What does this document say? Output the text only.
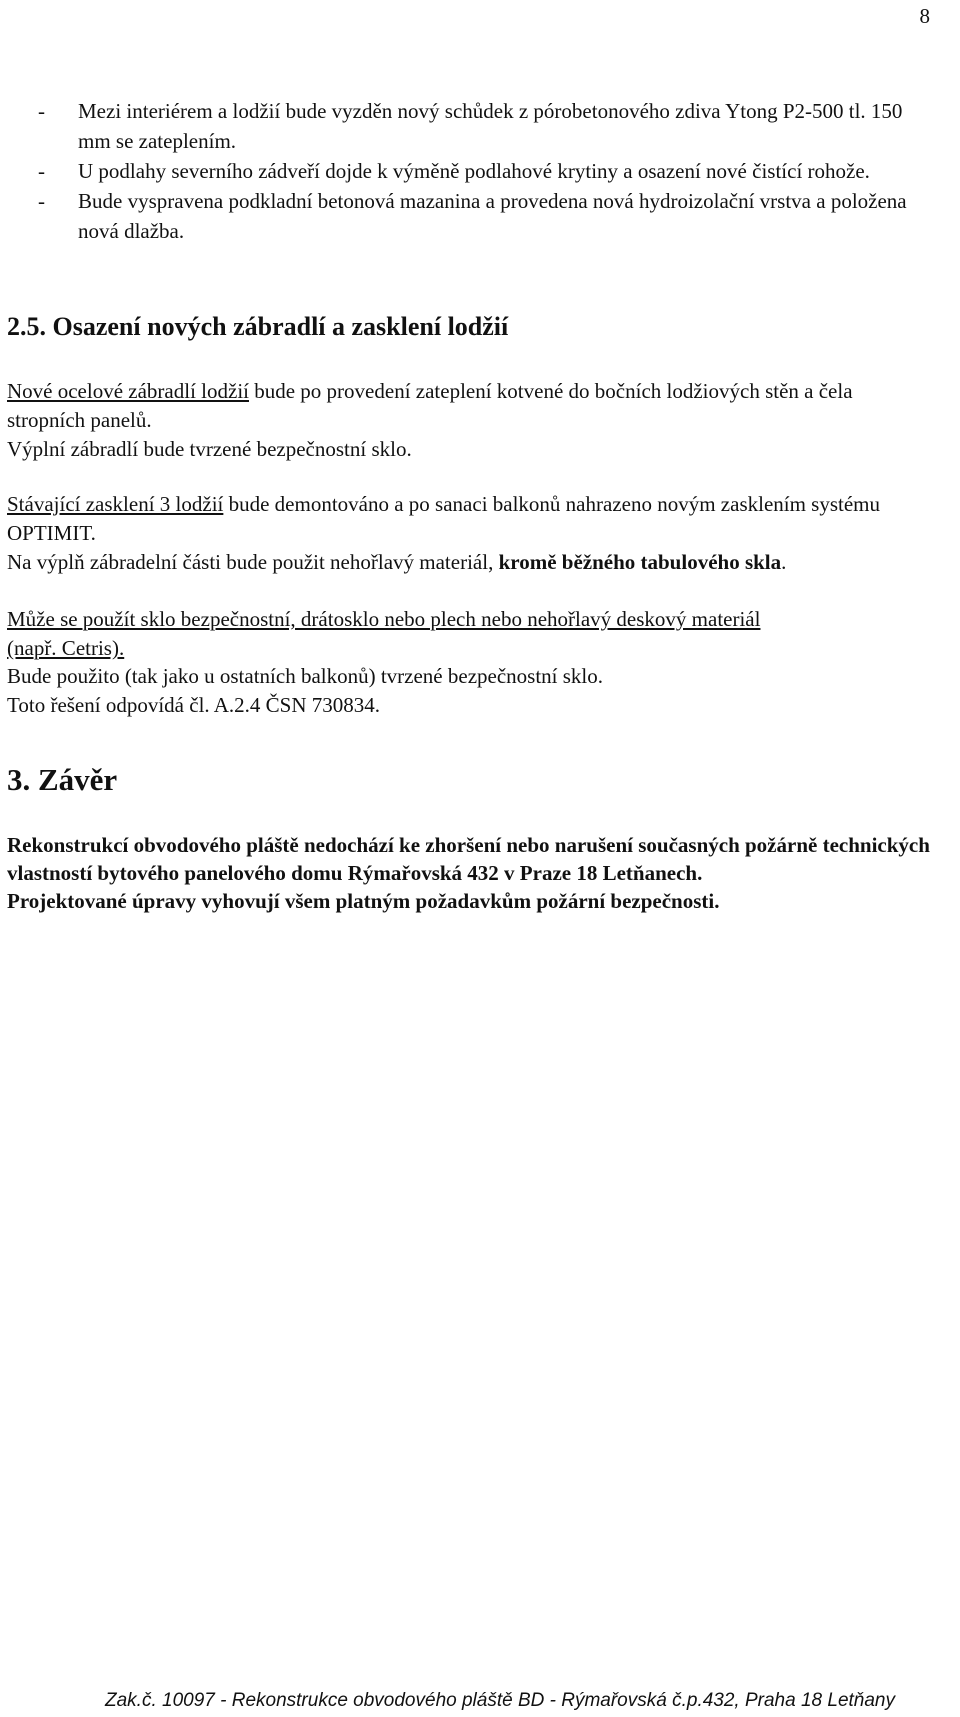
8
-	Mezi interiérem a lodžií bude vyzděn nový schůdek z pórobetonového zdiva Ytong P2-500 tl. 150 mm se zateplením.
-	U podlahy severního zádveří dojde k výměně podlahové krytiny a osazení nové čistící rohože.
-	Bude vyspravena podkladní betonová mazanina a provedena nová hydroizolační vrstva a položena nová dlažba.
2.5. Osazení nových zábradlí a zasklení lodžií

Nové ocelové zábradlí lodžií bude po provedení zateplení kotvené do bočních lodžiových stěn a čela stropních panelů.

Výplní zábradlí bude tvrzené bezpečnostní sklo.

Stávající zasklení 3 lodžií bude demontováno a po sanaci balkonů nahrazeno novým zasklením systému OPTIMIT.

Na výplň zábradelní části bude použit nehořlavý materiál, kromě běžného tabulového skla.

Může se použít sklo bezpečnostní, drátosklo nebo plech nebo nehořlavý deskový materiál (např. Cetris).

Bude použito (tak jako u ostatních balkonů) tvrzené bezpečnostní sklo.

Toto řešení odpovídá čl. A.2.4 ČSN 730834.

3. Závěr

Rekonstrukcí obvodového pláště nedochází ke zhoršení nebo narušení současných požárně technických vlastností bytového panelového domu Rýmařovská 432 v Praze 18 Letňanech.

Projektované úpravy vyhovují všem platným požadavkům požární bezpečnosti.

Zak.č. 10097 - Rekonstrukce obvodového pláště BD - Rýmařovská č.p.432, Praha 18 Letňany
